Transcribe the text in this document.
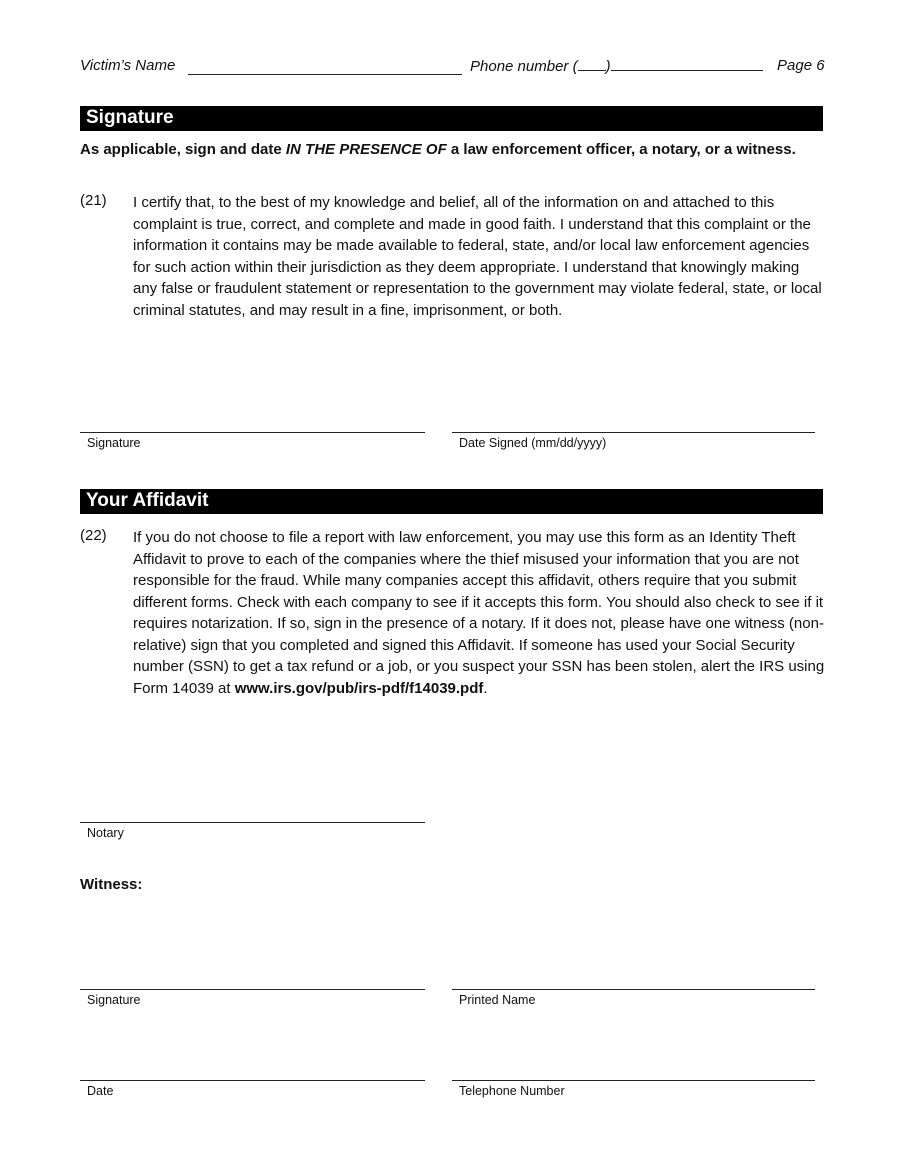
Victim’s Name	Phone number ( )	Page 6
Signature
As applicable, sign and date IN THE PRESENCE OF a law enforcement officer, a notary, or a witness.
(21) I certify that, to the best of my knowledge and belief, all of the information on and attached to this complaint is true, correct, and complete and made in good faith. I understand that this complaint or the information it contains may be made available to federal, state, and/or local law enforcement agencies for such action within their jurisdiction as they deem appropriate. I understand that knowingly making any false or fraudulent statement or representation to the government may violate federal, state, or local criminal statutes, and may result in a fine, imprisonment, or both.
Signature	Date Signed (mm/dd/yyyy)
Your Affidavit
(22) If you do not choose to file a report with law enforcement, you may use this form as an Identity Theft Affidavit to prove to each of the companies where the thief misused your information that you are not responsible for the fraud. While many companies accept this affidavit, others require that you submit different forms. Check with each company to see if it accepts this form. You should also check to see if it requires notarization. If so, sign in the presence of a notary. If it does not, please have one witness (non-relative) sign that you completed and signed this Affidavit. If someone has used your Social Security number (SSN) to get a tax refund or a job, or you suspect your SSN has been stolen, alert the IRS using Form 14039 at www.irs.gov/pub/irs-pdf/f14039.pdf.
Notary
Witness:
Signature	Printed Name
Date	Telephone Number
